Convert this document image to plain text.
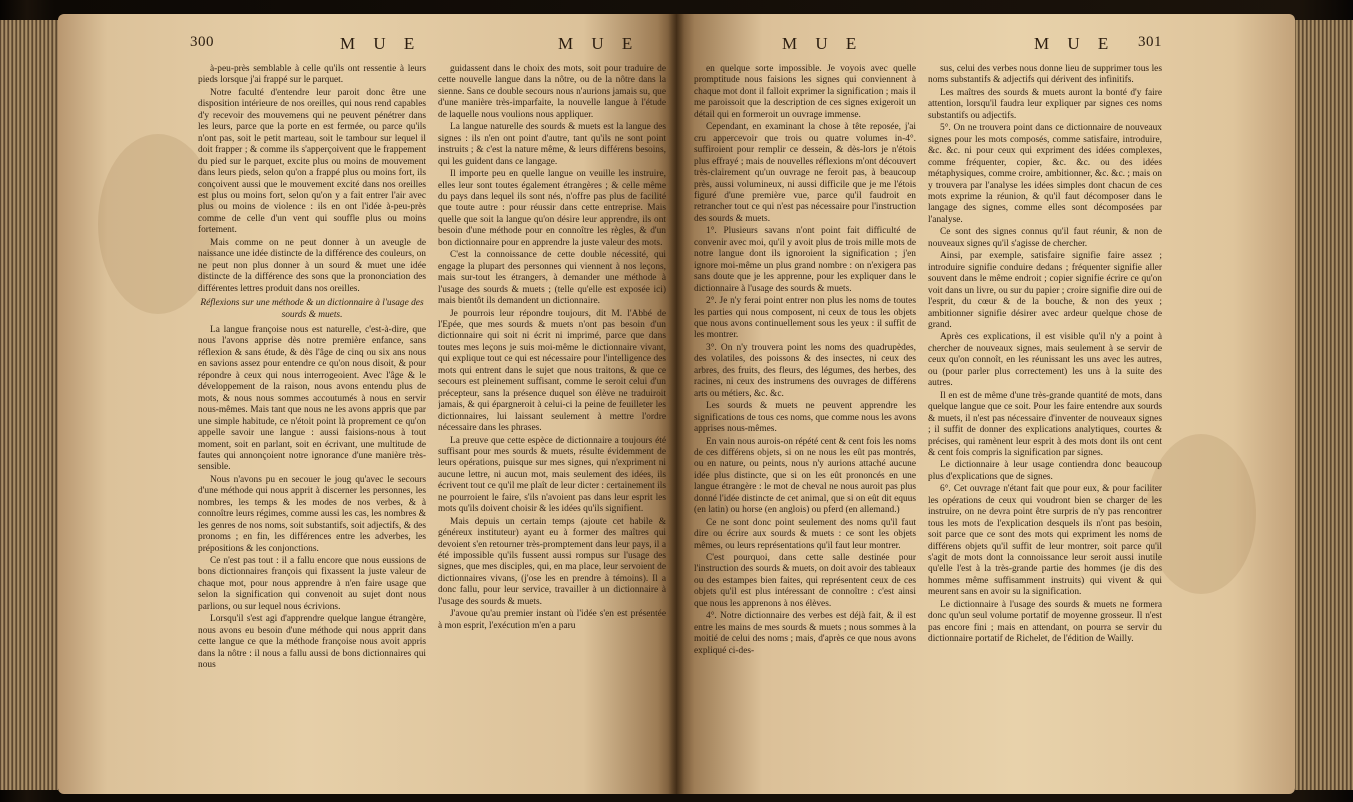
300	M U E	M U E

à-peu-près semblable à celle qu'ils ont ressentie à leurs pieds lorsque j'ai frappé sur le parquet.

Notre faculté d'entendre leur paroit donc être une disposition intérieure de nos oreilles, qui nous rend capables d'y recevoir des mouvemens qui ne peuvent pénétrer dans les leurs, parce que la porte en est fermée, ou parce qu'ils n'ont pas, soit le petit marteau, soit le tambour sur lequel il doit frapper ; & comme ils s'apperçoivent que le frappement du pied sur le parquet, excite plus ou moins de mouvement dans leurs pieds, selon qu'on a frappé plus ou moins fort, ils conçoivent aussi que le mouvement excité dans nos oreilles est plus ou moins fort, selon qu'on y a fait entrer l'air avec plus ou moins de violence : ils en ont l'idée à-peu-près comme de celle d'un vent qui souffle plus ou moins fortement.

Mais comme on ne peut donner à un aveugle de naissance une idée distincte de la différence des couleurs, on ne peut non plus donner à un sourd & muet une idée distincte de la différence des sons que la prononciation des différentes lettres produit dans nos oreilles.

Réflexions sur une méthode & un dictionnaire à l'usage des sourds & muets.

La langue françoise nous est naturelle, c'est-à-dire, que nous l'avons apprise dès notre première enfance, sans réflexion & sans étude, & dès l'âge de cinq ou six ans nous en savions assez pour entendre ce qu'on nous disoit, & pour répondre à ceux qui nous interrogeoient. Avec l'âge & le développement de la raison, nous avons entendu plus de mots, & nous nous sommes accoutumés à nous en servir nous-mêmes. Mais tant que nous ne les avons appris que par une simple habitude, ce n'étoit point là proprement ce qu'on appelle savoir une langue : aussi faisions-nous à tout moment, soit en parlant, soit en écrivant, une multitude de fautes qui annonçoient notre ignorance d'une manière très-sensible.

Nous n'avons pu en secouer le joug qu'avec le secours d'une méthode qui nous apprit à discerner les personnes, les nombres, les temps & les modes de nos verbes, & à connoître leurs régimes, comme aussi les cas, les nombres & les genres de nos noms, soit substantifs, soit adjectifs, & des pronoms ; en fin, les différences entre les adverbes, les prépositions & les conjonctions.

Ce n'est pas tout : il a fallu encore que nous eussions de bons dictionnaires françois qui fixassent la juste valeur de chaque mot, pour nous apprendre à n'en faire usage que selon la signification qui convenoit au sujet dont nous parlions, ou sur lequel nous écrivions.

Lorsqu'il s'est agi d'apprendre quelque langue étrangère, nous avons eu besoin d'une méthode qui nous apprit dans cette langue ce que la méthode françoise nous avoit appris dans la nôtre : il nous a fallu aussi de bons dictionnaires qui nous

guidassent dans le choix des mots, soit pour traduire de cette nouvelle langue dans la nôtre, ou de la nôtre dans la sienne. Sans ce double secours nous n'aurions jamais su, que d'une manière très-imparfaite, la nouvelle langue à l'étude de laquelle nous voulions nous appliquer.

La langue naturelle des sourds & muets est la langue des signes : ils n'en ont point d'autre, tant qu'ils ne sont point instruits ; & c'est la nature même, & leurs différens besoins, qui les guident dans ce langage.

Il importe peu en quelle langue on veuille les instruire, elles leur sont toutes également étrangères ; & celle même du pays dans lequel ils sont nés, n'offre pas plus de facilité que toute autre : pour réussir dans cette entreprise. Mais quelle que soit la langue qu'on désire leur apprendre, ils ont besoin d'une méthode pour en connoître les règles, & d'un bon dictionnaire pour en apprendre la juste valeur des mots.

C'est la connoissance de cette double nécessité, qui engage la plupart des personnes qui viennent à nos leçons, mais sur-tout les étrangers, à demander une méthode à l'usage des sourds & muets ; (telle qu'elle est exposée ici) mais bientôt ils demandent un dictionnaire.

Je pourrois leur répondre toujours, dit M. l'Abbé de l'Epée, que mes sourds & muets n'ont pas besoin d'un dictionnaire qui soit ni écrit ni imprimé, parce que dans toutes mes leçons je suis moi-même le dictionnaire vivant, qui explique tout ce qui est nécessaire pour l'intelligence des mots qui entrent dans le sujet que nous traitons, & que ce secours est pleinement suffisant, comme le seroit celui d'un précepteur, sans la présence duquel son élève ne traduiroit jamais, & qui épargneroit à celui-ci la peine de feuilleter les dictionnaires, lui laissant seulement à mettre l'ordre nécessaire dans les phrases.

La preuve que cette espèce de dictionnaire a toujours été suffisant pour mes sourds & muets, résulte évidemment de leurs opérations, puisque sur mes signes, qui n'expriment ni aucune lettre, ni aucun mot, mais seulement des idées, ils écrivent tout ce qu'il me plaît de leur dicter : certainement ils ne pourroient le faire, s'ils n'avoient pas dans leur esprit les mots qu'ils doivent choisir & les idées qu'ils signifient.

Mais depuis un certain temps (ajoute cet habile & généreux instituteur) ayant eu à former des maîtres qui devoient s'en retourner très-promptement dans leur pays, il a été impossible qu'ils fussent aussi rompus sur l'usage des signes, que mes disciples, qui, en ma place, leur servoient de dictionnaires vivans, (j'ose les en prendre à témoins). Il a donc fallu, pour leur service, travailler à un dictionnaire à l'usage des sourds & muets.

J'avoue qu'au premier instant où l'idée s'en est présentée à mon esprit, l'exécution m'en a paru

M U E	M U E 301

en quelque sorte impossible. Je voyois avec quelle promptitude nous faisions les signes qui conviennent à chaque mot dont il falloit exprimer la signification ; mais il me paroissoit que la description de ces signes exigeroit un détail qui en formeroit un ouvrage immense.

Cependant, en examinant la chose à tête reposée, j'ai cru appercevoir que trois ou quatre volumes in-4°. suffiroient pour remplir ce dessein, & dès-lors je n'étois plus effrayé ; mais de nouvelles réflexions m'ont découvert très-clairement qu'un ouvrage ne feroit pas, à beaucoup près, aussi volumineux, ni aussi difficile que je me l'étois figuré d'une première vue, parce qu'il faudroit en retrancher tout ce qui n'est pas nécessaire pour l'instruction des sourds & muets.

1°. Plusieurs savans n'ont point fait difficulté de convenir avec moi, qu'il y avoit plus de trois mille mots de notre langue dont ils ignoroient la signification ; j'en ignore moi-même un plus grand nombre : on n'exigera pas sans doute que je les apprenne, pour les expliquer dans le dictionnaire à l'usage des sourds & muets.

2°. Je n'y ferai point entrer non plus les noms de toutes les parties qui nous composent, ni ceux de tous les objets que nous avons continuellement sous les yeux : il suffit de les montrer.

3°. On n'y trouvera point les noms des quadrupèdes, des volatiles, des poissons & des insectes, ni ceux des arbres, des fruits, des fleurs, des légumes, des herbes, des racines, ni ceux des instrumens des ouvrages de différens arts ou métiers, &c. &c.

Les sourds & muets ne peuvent apprendre les significations de tous ces noms, que comme nous les avons apprises nous-mêmes.

En vain nous aurois-on répété cent & cent fois les noms de ces différens objets, si on ne nous les eût pas montrés, ou en nature, ou peints, nous n'y aurions attaché aucune idée plus distincte, que si on les eût prononcés en une langue étrangère : le mot de cheval ne nous auroit pas plus donné l'idée distincte de cet animal, que si on eût dit equus (en latin) ou horse (en anglois) ou pferd (en allemand.)

Ce ne sont donc point seulement des noms qu'il faut dire ou écrire aux sourds & muets : ce sont les objets mêmes, ou leurs représentations qu'il faut leur montrer.

C'est pourquoi, dans cette salle destinée pour l'instruction des sourds & muets, on doit avoir des tableaux ou des estampes bien faites, qui représentent ceux de ces objets qu'il est plus intéressant de connoître : c'est ainsi que nous les apprenons à nos élèves.

4°. Notre dictionnaire des verbes est déjà fait, & il est entre les mains de mes sourds & muets ; nous sommes à la moitié de celui des noms ; mais, d'après ce que nous avons expliqué ci-des-

sus, celui des verbes nous donne lieu de supprimer tous les noms substantifs & adjectifs qui dérivent des infinitifs.

Les maîtres des sourds & muets auront la bonté d'y faire attention, lorsqu'il faudra leur expliquer par signes ces noms substantifs ou adjectifs.

5°. On ne trouvera point dans ce dictionnaire de nouveaux signes pour les mots composés, comme satisfaire, introduire, &c. &c. ni pour ceux qui expriment des idées complexes, comme fréquenter, copier, &c. &c. ou des idées métaphysiques, comme croire, ambitionner, &c. &c. ; mais on y trouvera par l'analyse les idées simples dont chacun de ces mots exprime la réunion, & qu'il faut décomposer dans le langage des signes, comme elles sont décomposées par l'analyse.

Ce sont des signes connus qu'il faut réunir, & non de nouveaux signes qu'il s'agisse de chercher.

Ainsi, par exemple, satisfaire signifie faire assez ; introduire signifie conduire dedans ; fréquenter signifie aller souvent dans le même endroit ; copier signifie écrire ce qu'on voit dans un livre, ou sur du papier ; croire signifie dire oui de l'esprit, du cœur & de la bouche, & non des yeux ; ambitionner signifie désirer avec ardeur quelque chose de grand.

Après ces explications, il est visible qu'il n'y a point à chercher de nouveaux signes, mais seulement à se servir de ceux qu'on connoît, en les réunissant les uns avec les autres, ou (pour parler plus correctement) les uns à la suite des autres.

Il en est de même d'une très-grande quantité de mots, dans quelque langue que ce soit. Pour les faire entendre aux sourds & muets, il n'est pas nécessaire d'inventer de nouveaux signes ; il suffit de donner des explications analytiques, courtes & précises, qui ramènent leur esprit à des mots dont ils ont cent & cent fois compris la signification par signes.

Le dictionnaire à leur usage contiendra donc beaucoup plus d'explications que de signes.

6°. Cet ouvrage n'étant fait que pour eux, & pour faciliter les opérations de ceux qui voudront bien se charger de les instruire, on ne devra point être surpris de n'y pas rencontrer tous les mots de l'explication desquels ils n'ont pas besoin, soit parce que ce sont des mots qui expriment les noms de différens objets qu'il suffit de leur montrer, soit parce qu'il s'agit de mots dont la connoissance leur seroit aussi inutile qu'elle l'est à la très-grande partie des hommes (je dis des hommes même suffisamment instruits) qui vivent & qui meurent sans en avoir su la signification.

Le dictionnaire à l'usage des sourds & muets ne formera donc qu'un seul volume portatif de moyenne grosseur. Il n'est pas encore fini ; mais en attendant, on pourra se servir du dictionnaire portatif de Richelet, de l'édition de Wailly.
